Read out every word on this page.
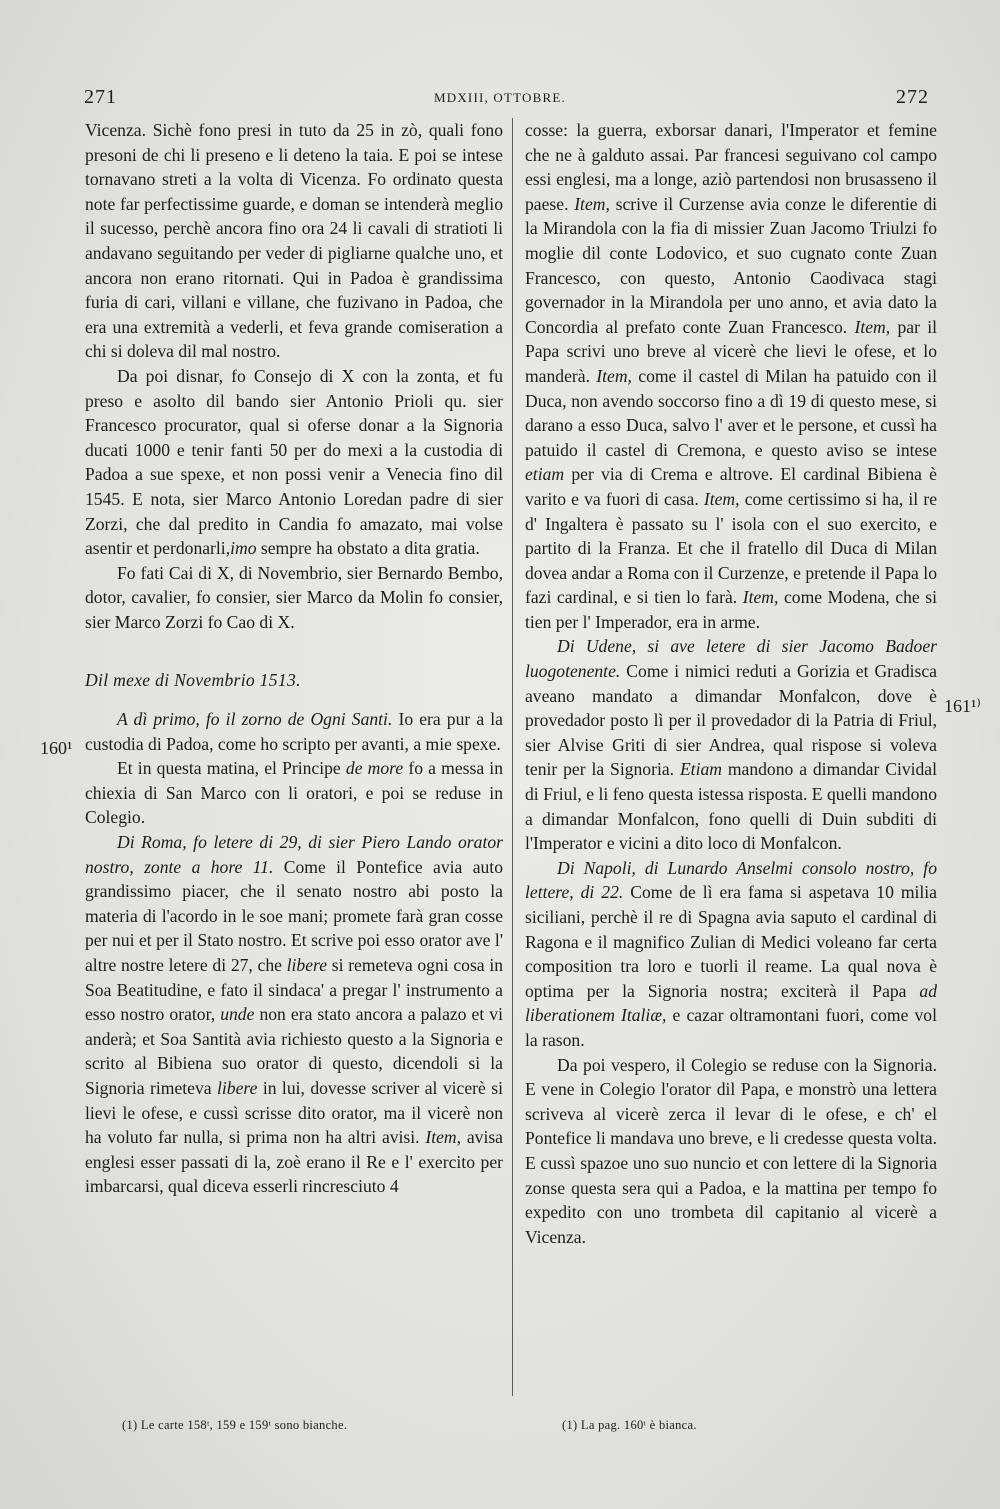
271	MDXIII, OTTOBRE.	272
160¹
161¹⁾

Vicenza. Sichè fono presi in tuto da 25 in zò, quali fono presoni de chi li preseno e li deteno la taia. E poi se intese tornavano streti a la volta di Vicenza. Fo ordinato questa note far perfectissime guarde, e doman se intenderà meglio il sucesso, perchè ancora fino ora 24 li cavali di stratioti li andavano seguitando per veder di pigliarne qualche uno, et ancora non erano ritornati. Qui in Padoa è grandissima furia di cari, villani e villane, che fuzivano in Padoa, che era una extremità a vederli, et feva grande comiseration a chi si doleva dil mal nostro.

Da poi disnar, fo Consejo di X con la zonta, et fu preso e asolto dil bando sier Antonio Prioli qu. sier Francesco procurator, qual si oferse donar a la Signoria ducati 1000 e tenir fanti 50 per do mexi a la custodia di Padoa a sue spexe, et non possi venir a Venecia fino dil 1545. E nota, sier Marco Antonio Loredan padre di sier Zorzi, che dal predito in Candia fo amazato, mai volse asentir et perdonarli,imo sempre ha obstato a dita gratia.

Fo fati Cai di X, di Novembrio, sier Bernardo Bembo, dotor, cavalier, fo consier, sier Marco da Molin fo consier, sier Marco Zorzi fo Cao di X.

Dil mexe di Novembrio 1513.

A dì primo, fo il zorno de Ogni Santi. Io era pur a la custodia di Padoa, come ho scripto per avanti, a mie spexe.

Et in questa matina, el Principe de more fo a messa in chiexia di San Marco con li oratori, e poi se reduse in Colegio.

Di Roma, fo letere di 29, di sier Piero Lando orator nostro, zonte a hore 11. Come il Pontefice avia auto grandissimo piacer, che il senato nostro abi posto la materia di l'acordo in le soe mani; promete farà gran cosse per nui et per il Stato nostro. Et scrive poi esso orator ave l' altre nostre letere di 27, che libere si remeteva ogni cosa in Soa Beatitudine, e fato il sindaca' a pregar l' instrumento a esso nostro orator, unde non era stato ancora a palazo et vi anderà; et Soa Santità avia richiesto questo a la Signoria e scrito al Bibiena suo orator di questo, dicendoli si la Signoria rimeteva libere in lui, dovesse scriver al vicerè si lievi le ofese, e cussì scrisse dito orator, ma il vicerè non ha voluto far nulla, si prima non ha altri avisi. Item, avisa englesi esser passati di la, zoè erano il Re e l' exercito per imbarcarsi, qual diceva esserli rincresciuto 4

cosse: la guerra, exborsar danari, l'Imperator et femine che ne à galduto assai. Par francesi seguivano col campo essi englesi, ma a longe, aziò partendosi non brusasseno il paese. Item, scrive il Curzense avia conze le diferentie di la Mirandola con la fia di missier Zuan Jacomo Triulzi fo moglie dil conte Lodovico, et suo cugnato conte Zuan Francesco, con questo, Antonio Caodivaca stagi governador in la Mirandola per uno anno, et avia dato la Concordia al prefato conte Zuan Francesco. Item, par il Papa scrivi uno breve al vicerè che lievi le ofese, et lo manderà. Item, come il castel di Milan ha patuido con il Duca, non avendo soccorso fino a dì 19 di questo mese, si darano a esso Duca, salvo l' aver et le persone, et cussì ha patuido il castel di Cremona, e questo aviso se intese etiam per via di Crema e altrove. El cardinal Bibiena è varito e va fuori di casa. Item, come certissimo si ha, il re d' Ingaltera è passato su l' isola con el suo exercito, e partito di la Franza. Et che il fratello dil Duca di Milan dovea andar a Roma con il Curzenze, e pretende il Papa lo fazi cardinal, e si tien lo farà. Item, come Modena, che si tien per l' Imperador, era in arme.

Di Udene, si ave letere di sier Jacomo Badoer luogotenente. Come i nimici reduti a Gorizia et Gradisca aveano mandato a dimandar Monfalcon, dove è provedador posto lì per il provedador di la Patria di Friul, sier Alvise Griti di sier Andrea, qual rispose si voleva tenir per la Signoria. Etiam mandono a dimandar Cividal di Friul, e li feno questa istessa risposta. E quelli mandono a dimandar Monfalcon, fono quelli di Duin subditi di l'Imperator e vicini a dito loco di Monfalcon.

Di Napoli, di Lunardo Anselmi consolo nostro, fo lettere, di 22. Come de lì era fama si aspetava 10 milia siciliani, perchè il re di Spagna avia saputo el cardinal di Ragona e il magnifico Zulian di Medici voleano far certa composition tra loro e tuorli il reame. La qual nova è optima per la Signoria nostra; exciterà il Papa ad liberationem Italiæ, e cazar oltramontani fuori, come vol la rason.

Da poi vespero, il Colegio se reduse con la Signoria. E vene in Colegio l'orator dil Papa, e monstrò una lettera scriveva al vicerè zerca il levar di le ofese, e ch' el Pontefice li mandava uno breve, e li credesse questa volta. E cussì spazoe uno suo nuncio et con lettere di la Signoria zonse questa sera qui a Padoa, e la mattina per tempo fo expedito con uno trombeta dil capitanio al vicerè a Vicenza.

(1) Le carte 158ᵗ, 159 e 159ᵗ sono bianche.	(1) La pag. 160ᵗ è bianca.
